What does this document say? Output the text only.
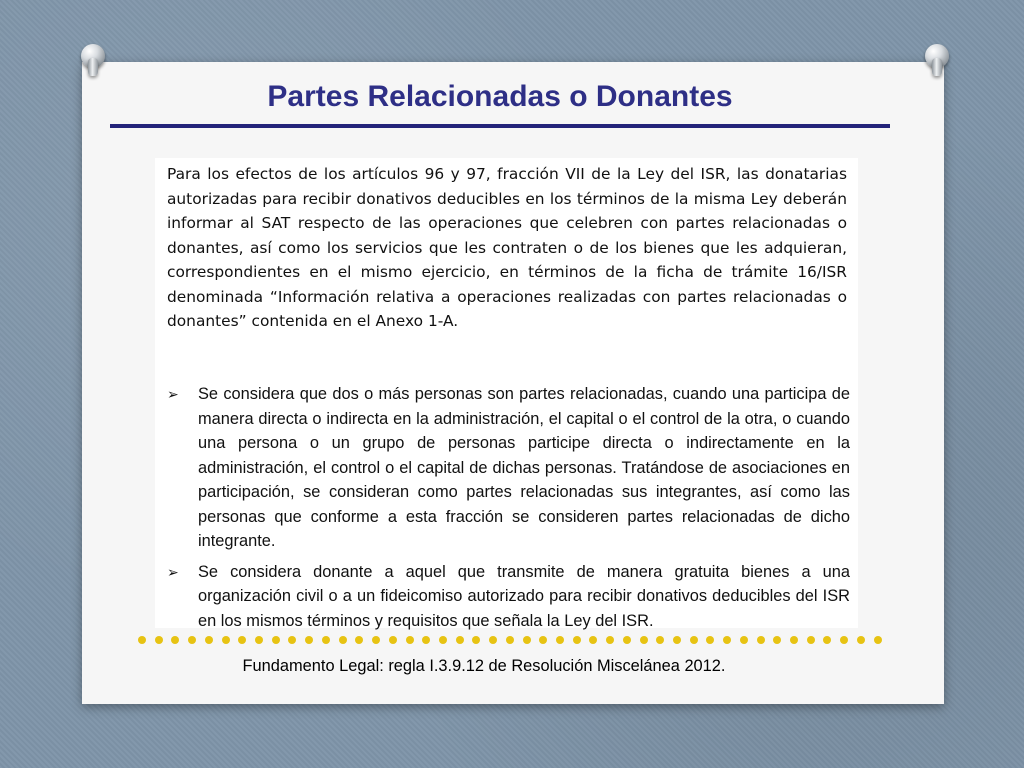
Partes Relacionadas o Donantes

Para los efectos de los artículos 96 y 97, fracción VII de la Ley del ISR, las donatarias autorizadas para recibir donativos deducibles en los términos de la misma Ley deberán informar al SAT respecto de las operaciones que celebren con partes relacionadas o donantes, así como los servicios que les contraten o de los bienes que les adquieran, correspondientes en el mismo ejercicio, en términos de la ficha de trámite 16/ISR denominada “Información relativa a operaciones realizadas con partes relacionadas o donantes” contenida en el Anexo 1-A.

➢ Se considera que dos o más personas son partes relacionadas, cuando una participa de manera directa o indirecta en la administración, el capital o el control de la otra, o cuando una persona o un grupo de personas participe directa o indirectamente en la administración, el control o el capital de dichas personas. Tratándose de asociaciones en participación, se consideran como partes relacionadas sus integrantes, así como las personas que conforme a esta fracción se consideren partes relacionadas de dicho integrante.
➢ Se considera donante a aquel que transmite de manera gratuita bienes a una organización civil o a un fideicomiso autorizado para recibir donativos deducibles del ISR en los mismos términos y requisitos que señala la Ley del ISR.

Fundamento Legal: regla I.3.9.12 de Resolución Miscelánea 2012.
